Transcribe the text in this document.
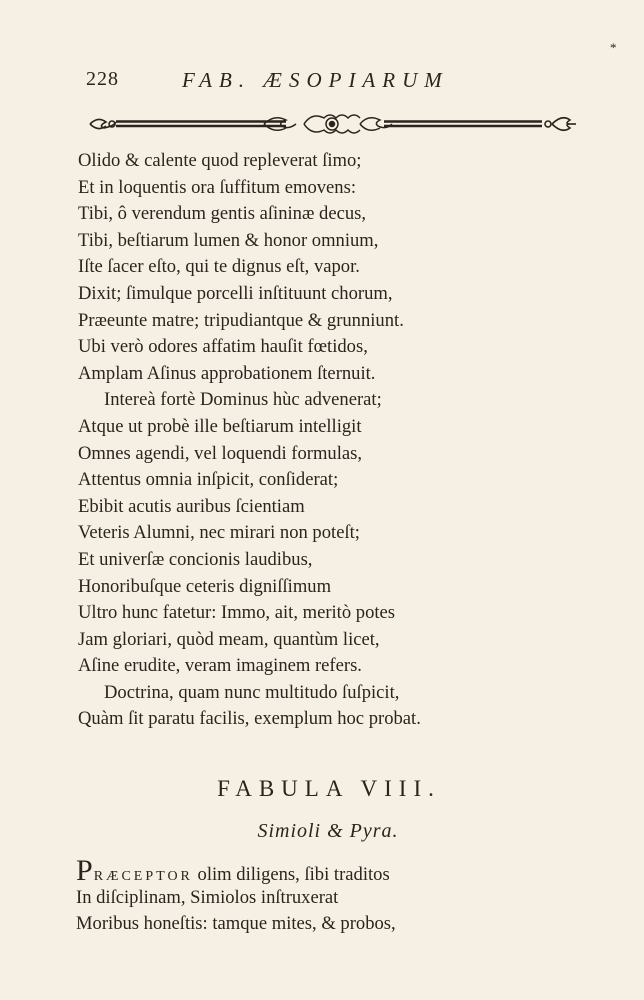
*
228	FAB. ÆSOPIARUM
Olido & calente quod repleverat ſimo;
Et in loquentis ora ſuffitum emovens:
Tibi, ô verendum gentis aſininæ decus,
Tibi, beſtiarum lumen & honor omnium,
Iſte ſacer eſto, qui te dignus eſt, vapor.
Dixit; ſimulque porcelli inſtituunt chorum,
Præeunte matre; tripudiantque & grunniunt.
Ubi verò odores affatim hauſit fœtidos,
Amplam Aſinus approbationem ſternuit.
Intereà fortè Dominus hùc advenerat;
Atque ut probè ille beſtiarum intelligit
Omnes agendi, vel loquendi formulas,
Attentus omnia inſpicit, conſiderat;
Ebibit acutis auribus ſcientiam
Veteris Alumni, nec mirari non poteſt;
Et univerſæ concionis laudibus,
Honoribuſque ceteris digniſſimum
Ultro hunc fatetur: Immo, ait, meritò potes
Jam gloriari, quòd meam, quantùm licet,
Aſine erudite, veram imaginem refers.
Doctrina, quam nunc multitudo ſuſpicit,
Quàm ſit paratu facilis, exemplum hoc probat.
FABULA VIII.
Simioli & Pyra.
PRÆCEPTOR olim diligens, ſibi traditos
In diſciplinam, Simiolos inſtruxerat
Moribus honeſtis: tamque mites, & probos,
